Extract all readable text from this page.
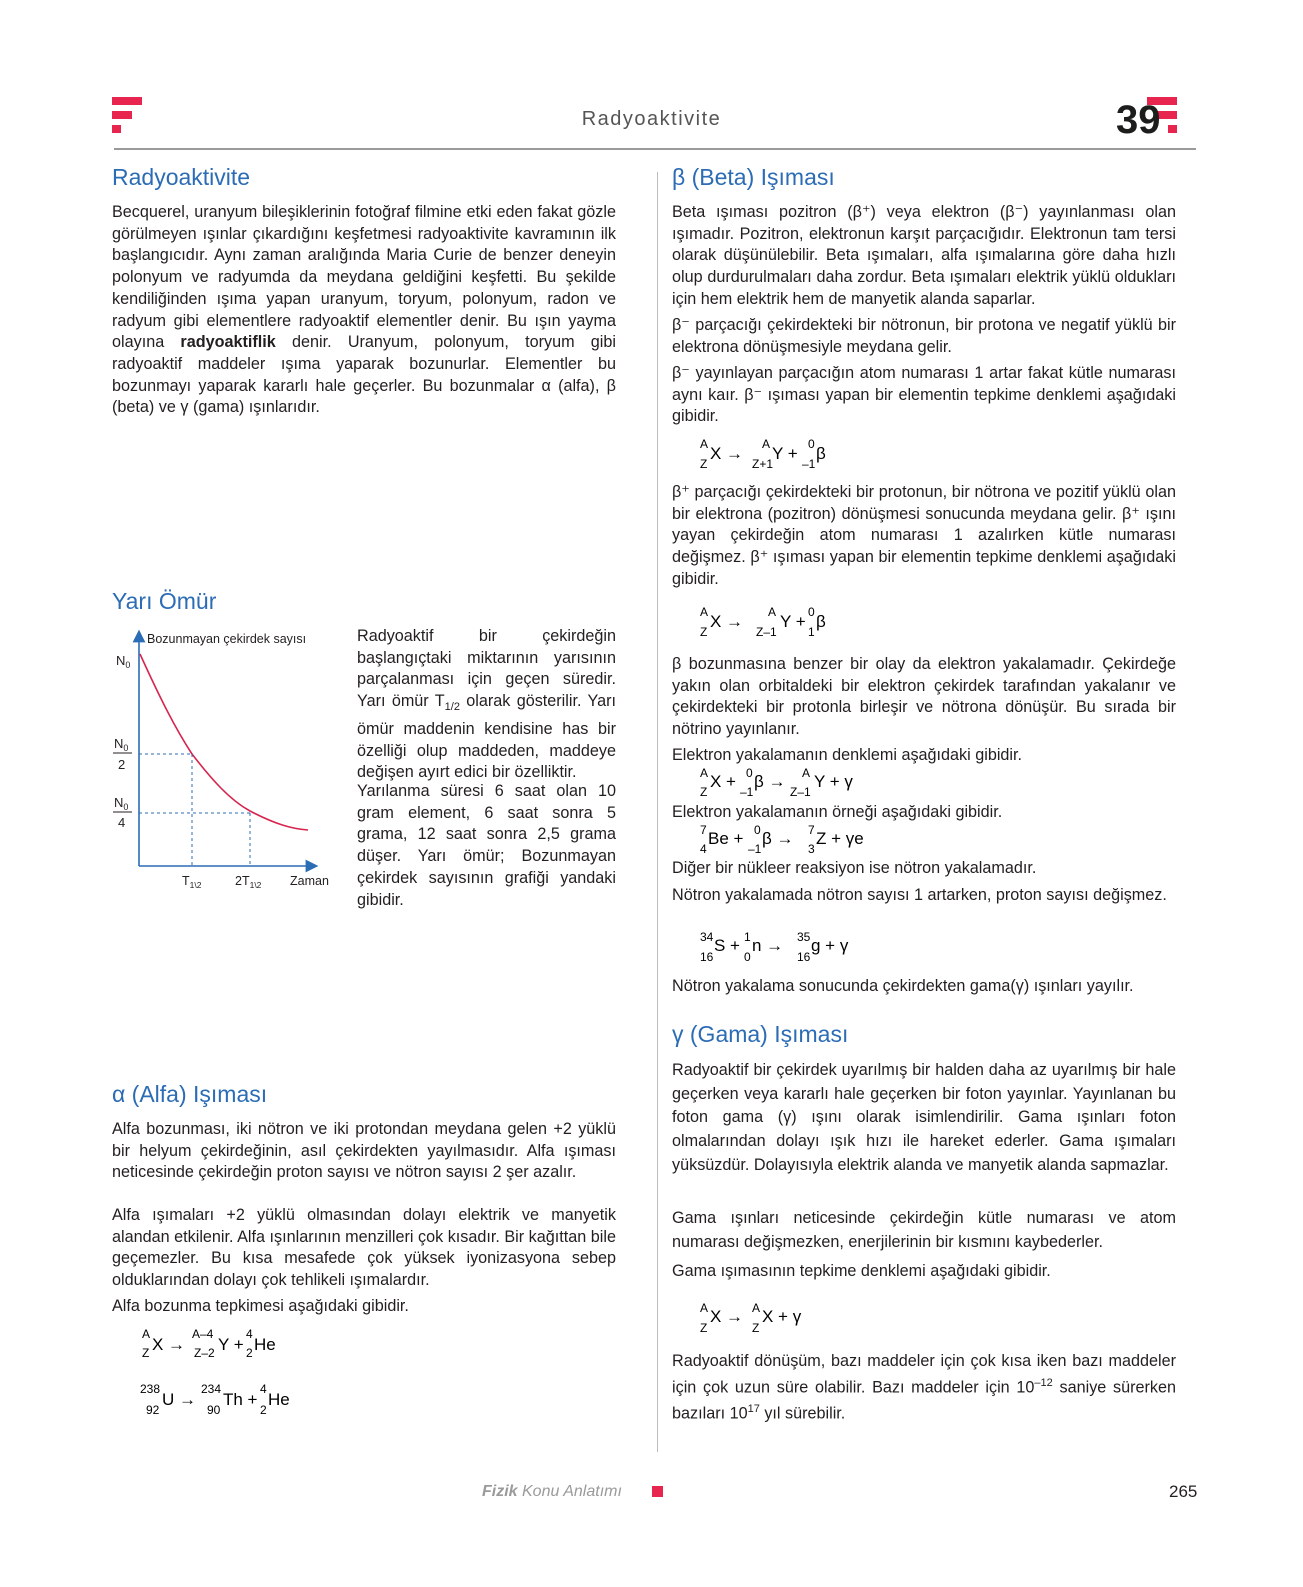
Radyoaktivite	39
Radyoaktivite

Becquerel, uranyum bileşiklerinin fotoğraf filmine etki eden fakat gözle görülmeyen ışınlar çıkardığını keşfetmesi radyoaktivite kavramının ilk başlangıcıdır. Aynı zaman aralığında Maria Curie de benzer deneyin polonyum ve radyumda da meydana geldiğini keşfetti. Bu şekilde kendiliğinden ışıma yapan uranyum, toryum, polonyum, radon ve radyum gibi elementlere radyoaktif elementler denir. Bu ışın yayma olayına radyoaktiflik denir. Uranyum, polonyum, toryum gibi radyoaktif maddeler ışıma yaparak bozunurlar. Elementler bu bozunmayı yaparak kararlı hale geçerler. Bu bozunmalar α (alfa), β (beta) ve γ (gama) ışınlarıdır.

Yarı Ömür
Bozunmayan çekirdek sayısı
$N_0$
$N_0$
2
$N_0$
4
$T_{1\backslash 2}$	$2T_{1\backslash 2}$ Zaman

Radyoaktif bir çekirdeğin başlangıçtaki miktarının yarısının parçalanması için geçen süredir. Yarı ömür $T_{1/2}$ olarak gösterilir. Yarı ömür maddenin kendisine has bir özelliği olup maddeden, maddeye değişen ayırt edici bir özelliktir.

Yarılanma süresi 6 saat olan 10 gram element, 6 saat sonra 5 grama, 12 saat sonra 2,5 grama düşer. Yarı ömür; Bozunmayan çekirdek sayısının grafiği yandaki gibidir.

α (Alfa) Işıması

Alfa bozunması, iki nötron ve iki protondan meydana gelen +2 yüklü bir helyum çekirdeğinin, asıl çekirdekten yayılmasıdır. Alfa ışıması neticesinde çekirdeğin proton sayısı ve nötron sayısı 2 şer azalır.

Alfa ışımaları +2 yüklü olmasından dolayı elektrik ve manyetik alandan etkilenir. Alfa ışınlarının menzilleri çok kısadır. Bir kağıttan bile geçemezler. Bu kısa mesafede çok yüksek iyonizasyona sebep olduklarından dolayı çok tehlikeli ışımalardır.

Alfa bozunma tepkimesi aşağıdaki gibidir.

A
Z X →
A–4
Z–2 Y +
4
2 He
238
92
U →
234
90
Th +
4
2
He
β (Beta) Işıması

Beta ışıması pozitron (β⁺) veya elektron (β⁻) yayınlanması olan ışımadır. Pozitron, elektronun karşıt parçacığıdır. Elektronun tam tersi olarak düşünülebilir. Beta ışımaları, alfa ışımalarına göre daha hızlı olup durdurulmaları daha zordur. Beta ışımaları elektrik yüklü oldukları için hem elektrik hem de manyetik alanda saparlar.

β⁻ parçacığı çekirdekteki bir nötronun, bir protona ve negatif yüklü bir elektrona dönüşmesiyle meydana gelir.

β⁻ yayınlayan parçacığın atom numarası 1 artar fakat kütle numarası aynı kaır. β⁻ ışıması yapan bir elementin tepkime denklemi aşağıdaki gibidir.

A
Z
X → A
Z+1
Y + 0
–1
β

β⁺ parçacığı çekirdekteki bir protonun, bir nötrona ve pozitif yüklü olan bir elektrona (pozitron) dönüşmesi sonucunda meydana gelir. β⁺ ışını yayan çekirdeğin atom numarası 1 azalırken kütle numarası değişmez. β⁺ ışıması yapan bir elementin tepkime denklemi aşağıdaki gibidir.

A
Z
X → A
Z–1
Y + 0
1
β

β bozunmasına benzer bir olay da elektron yakalamadır. Çekirdeğe yakın olan orbitaldeki bir elektron çekirdek tarafından yakalanır ve çekirdekteki bir protonla birleşir ve nötrona dönüşür. Bu sırada bir nötrino yayınlanır.

Elektron yakalamanın denklemi aşağıdaki gibidir.

A
Z
X + 0
–1
β → A
Z–1
Y + γ

Elektron yakalamanın örneği aşağıdaki gibidir.

7
4
Be + 0
–1
β → 7
3
Z + γe

Diğer bir nükleer reaksiyon ise nötron yakalamadır.

Nötron yakalamada nötron sayısı 1 artarken, proton sayısı değişmez.

34
16
S + 1
0
n → 35
16
g + γ

Nötron yakalama sonucunda çekirdekten gama(γ) ışınları yayılır.

γ (Gama) Işıması

Radyoaktif bir çekirdek uyarılmış bir halden daha az uyarılmış bir hale geçerken veya kararlı hale geçerken bir foton yayınlar. Yayınlanan bu foton gama (γ) ışını olarak isimlendirilir. Gama ışınları foton olmalarından dolayı ışık hızı ile hareket ederler. Gama ışımaları yüksüzdür. Dolayısıyla elektrik alanda ve manyetik alanda sapmazlar.

Gama ışınları neticesinde çekirdeğin kütle numarası ve atom numarası değişmezken, enerjilerinin bir kısmını kaybederler.

Gama ışımasının tepkime denklemi aşağıdaki gibidir.

A
Z
X → A
Z
X + γ

Radyoaktif dönüşüm, bazı maddeler için çok kısa iken bazı maddeler için çok uzun süre olabilir. Bazı maddeler için $10^{-12}$ saniye sürerken bazıları $10^{17}$ yıl sürebilir.

Fizik Konu Anlatımı	265
